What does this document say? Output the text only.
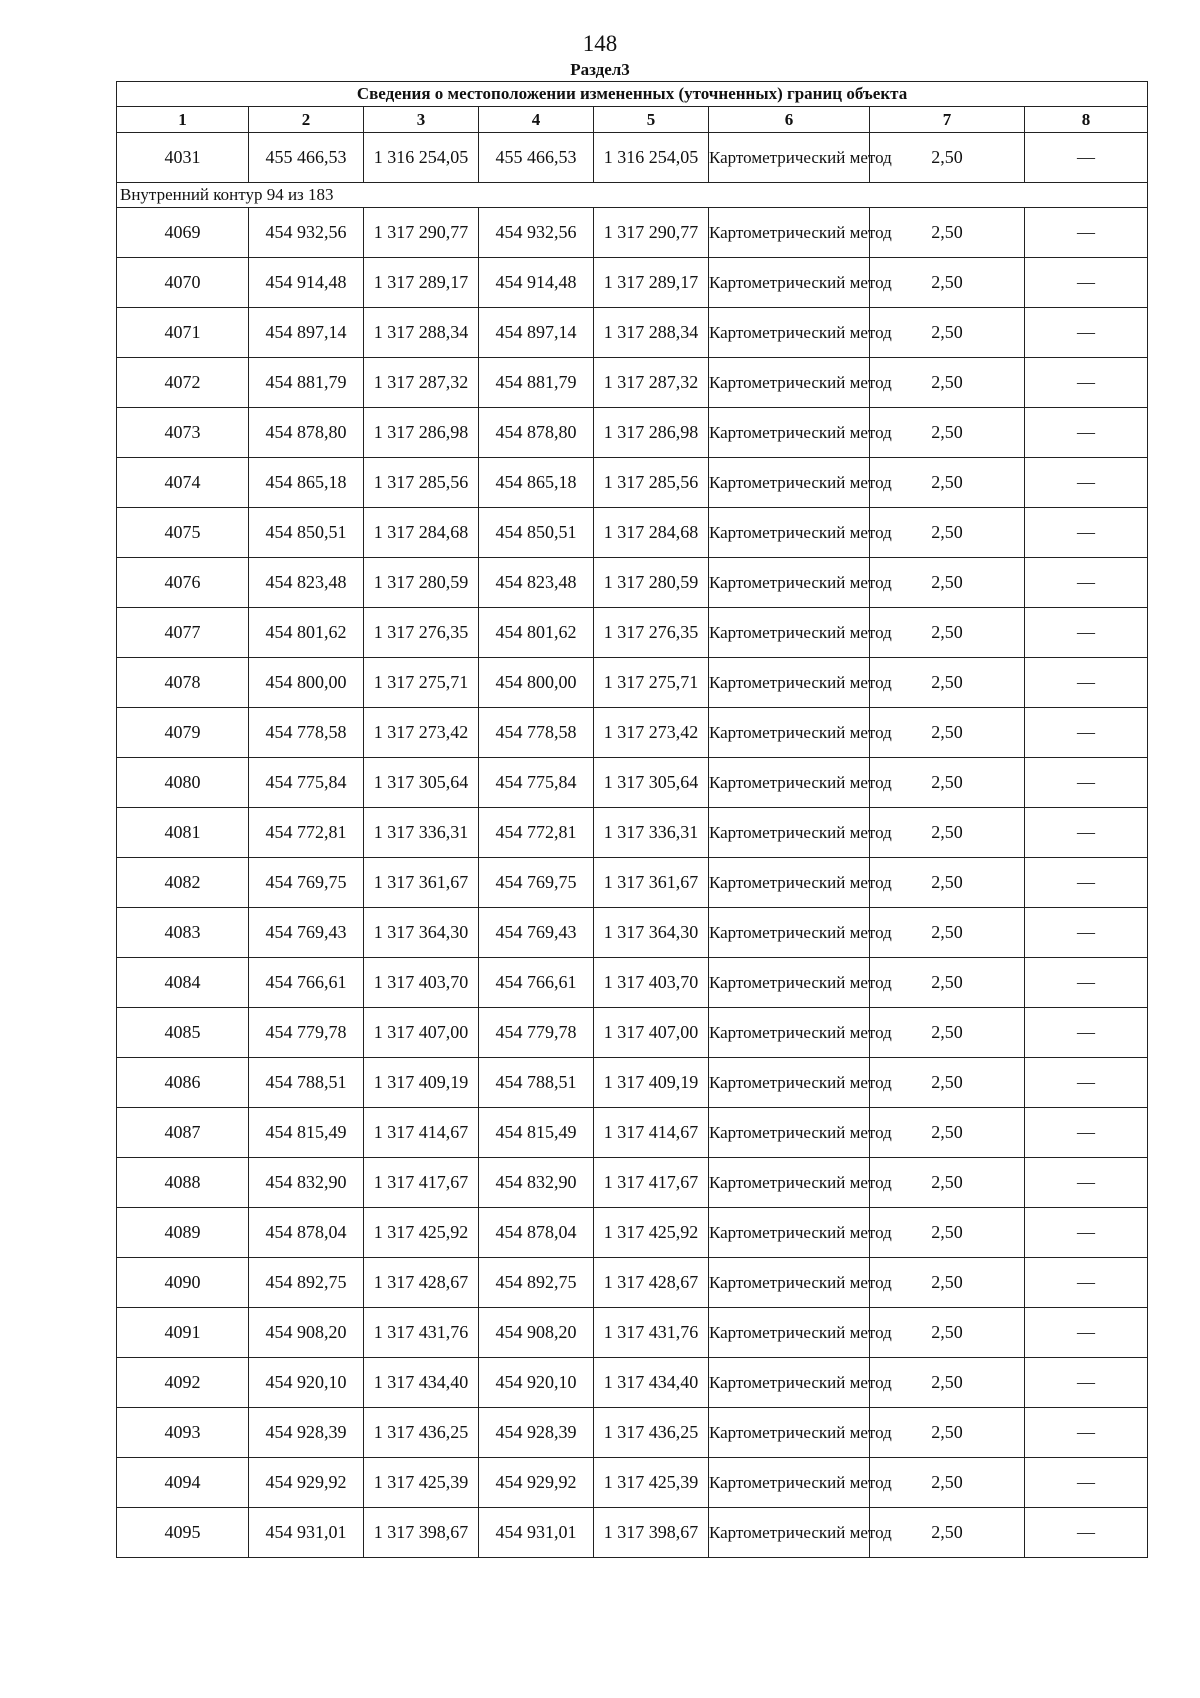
148
Раздел3
Сведения о местоположении измененных (уточненных) границ объекта							
1	2	3	4	5	6	7	8
4031	455 466,53	1 316 254,05	455 466,53	1 316 254,05	Картометрический метод	2,50	—
Внутренний контур 94 из 183							
4069	454 932,56	1 317 290,77	454 932,56	1 317 290,77	Картометрический метод	2,50	—
4070	454 914,48	1 317 289,17	454 914,48	1 317 289,17	Картометрический метод	2,50	—
4071	454 897,14	1 317 288,34	454 897,14	1 317 288,34	Картометрический метод	2,50	—
4072	454 881,79	1 317 287,32	454 881,79	1 317 287,32	Картометрический метод	2,50	—
4073	454 878,80	1 317 286,98	454 878,80	1 317 286,98	Картометрический метод	2,50	—
4074	454 865,18	1 317 285,56	454 865,18	1 317 285,56	Картометрический метод	2,50	—
4075	454 850,51	1 317 284,68	454 850,51	1 317 284,68	Картометрический метод	2,50	—
4076	454 823,48	1 317 280,59	454 823,48	1 317 280,59	Картометрический метод	2,50	—
4077	454 801,62	1 317 276,35	454 801,62	1 317 276,35	Картометрический метод	2,50	—
4078	454 800,00	1 317 275,71	454 800,00	1 317 275,71	Картометрический метод	2,50	—
4079	454 778,58	1 317 273,42	454 778,58	1 317 273,42	Картометрический метод	2,50	—
4080	454 775,84	1 317 305,64	454 775,84	1 317 305,64	Картометрический метод	2,50	—
4081	454 772,81	1 317 336,31	454 772,81	1 317 336,31	Картометрический метод	2,50	—
4082	454 769,75	1 317 361,67	454 769,75	1 317 361,67	Картометрический метод	2,50	—
4083	454 769,43	1 317 364,30	454 769,43	1 317 364,30	Картометрический метод	2,50	—
4084	454 766,61	1 317 403,70	454 766,61	1 317 403,70	Картометрический метод	2,50	—
4085	454 779,78	1 317 407,00	454 779,78	1 317 407,00	Картометрический метод	2,50	—
4086	454 788,51	1 317 409,19	454 788,51	1 317 409,19	Картометрический метод	2,50	—
4087	454 815,49	1 317 414,67	454 815,49	1 317 414,67	Картометрический метод	2,50	—
4088	454 832,90	1 317 417,67	454 832,90	1 317 417,67	Картометрический метод	2,50	—
4089	454 878,04	1 317 425,92	454 878,04	1 317 425,92	Картометрический метод	2,50	—
4090	454 892,75	1 317 428,67	454 892,75	1 317 428,67	Картометрический метод	2,50	—
4091	454 908,20	1 317 431,76	454 908,20	1 317 431,76	Картометрический метод	2,50	—
4092	454 920,10	1 317 434,40	454 920,10	1 317 434,40	Картометрический метод	2,50	—
4093	454 928,39	1 317 436,25	454 928,39	1 317 436,25	Картометрический метод	2,50	—
4094	454 929,92	1 317 425,39	454 929,92	1 317 425,39	Картометрический метод	2,50	—
4095	454 931,01	1 317 398,67	454 931,01	1 317 398,67	Картометрический метод	2,50	—
